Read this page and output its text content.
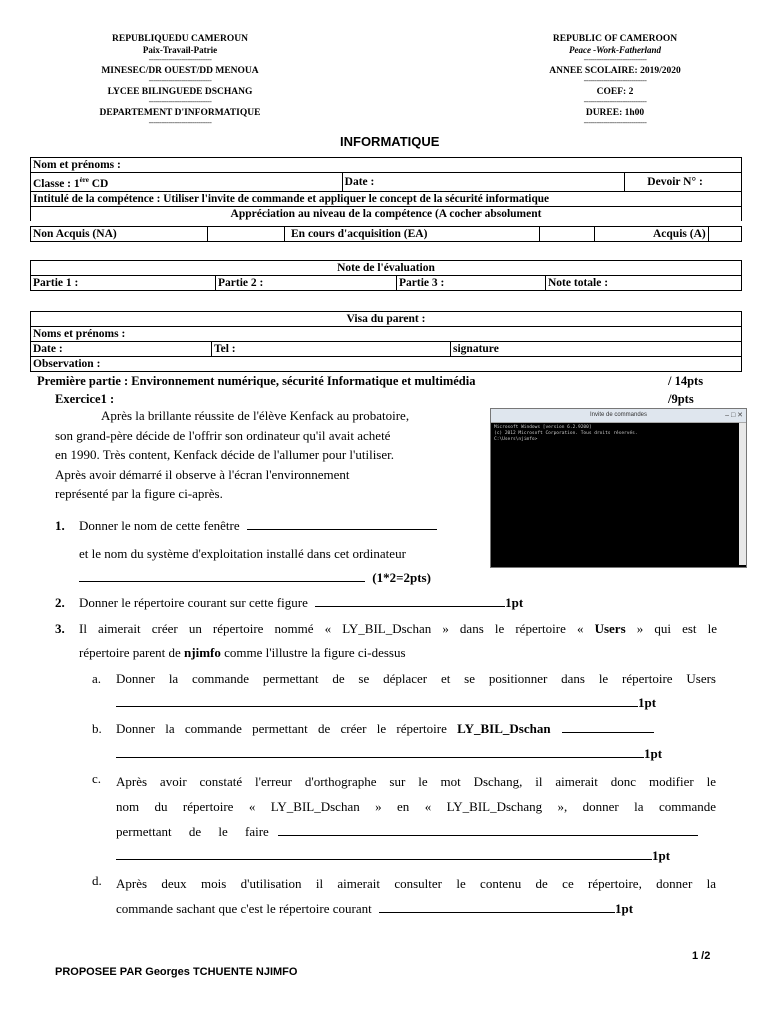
REPUBLIQUEDU CAMEROUN
Paix-Travail-Patrie
-----------------------------
MINESEC/DR OUEST/DD MENOUA
-----------------------------
LYCEE BILINGUEDE DSCHANG
-----------------------------
DEPARTEMENT D'INFORMATIQUE
-----------------------------
REPUBLIC OF CAMEROON
Peace -Work-Fatherland
-----------------------------
ANNEE SCOLAIRE: 2019/2020
-----------------------------
COEF: 2
-----------------------------
DUREE: 1h00
-----------------------------
INFORMATIQUE
Nom et prénoms :
Classe : 1ère CD	Date :	Devoir N° :
Intitulé de la compétence : Utiliser l'invite de commande et appliquer le concept de la sécurité informatique
Appréciation au niveau de la compétence (A cocher absolument
Non Acquis (NA)		En cours d'acquisition (EA)		Acquis (A)	
Note de l'évaluation
Partie 1 :	Partie 2 :	Partie 3 :	Note totale :
Visa du parent :
Noms et prénoms :
Date :	Tel :	signature
Observation :
Première partie : Environnement numérique, sécurité Informatique et multimédia	/ 14pts
Exercice1 :	/9pts
Après la brillante réussite de l'élève Kenfack au probatoire,
son grand-père décide de l'offrir son ordinateur qu'il avait acheté
en 1990. Très content, Kenfack décide de l'allumer pour l'utiliser.
Après avoir démarré il observe à l'écran l'environnement
représenté par la figure ci-après.
Invite de commandes	– □ ✕
Microsoft Windows [version 6.2.9200]
(c) 2012 Microsoft Corporation. Tous droits réservés.
C:\Users\njimfo>
1. Donner le nom de cette fenêtre
et le nom du système d'exploitation installé dans cet ordinateur
(1*2=2pts)
2. Donner le répertoire courant sur cette figure	1pt
3. Il aimerait créer un répertoire nommé « LY_BIL_Dschan » dans le répertoire « Users » qui est le
répertoire parent de njimfo comme l'illustre la figure ci-dessus
a. Donner la commande permettant de se déplacer et se positionner dans le répertoire Users
1pt
b. Donner la commande permettant de créer le répertoire LY_BIL_Dschan
1pt
c. Après avoir constaté l'erreur d'orthographe sur le mot Dschang, il aimerait donc modifier le
nom du répertoire « LY_BIL_Dschan » en « LY_BIL_Dschang », donner la commande
permettant de le faire
1pt
d. Après deux mois d'utilisation il aimerait consulter le contenu de ce répertoire, donner la
commande sachant que c'est le répertoire courant	1pt
1 /2
PROPOSEE PAR Georges TCHUENTE NJIMFO
